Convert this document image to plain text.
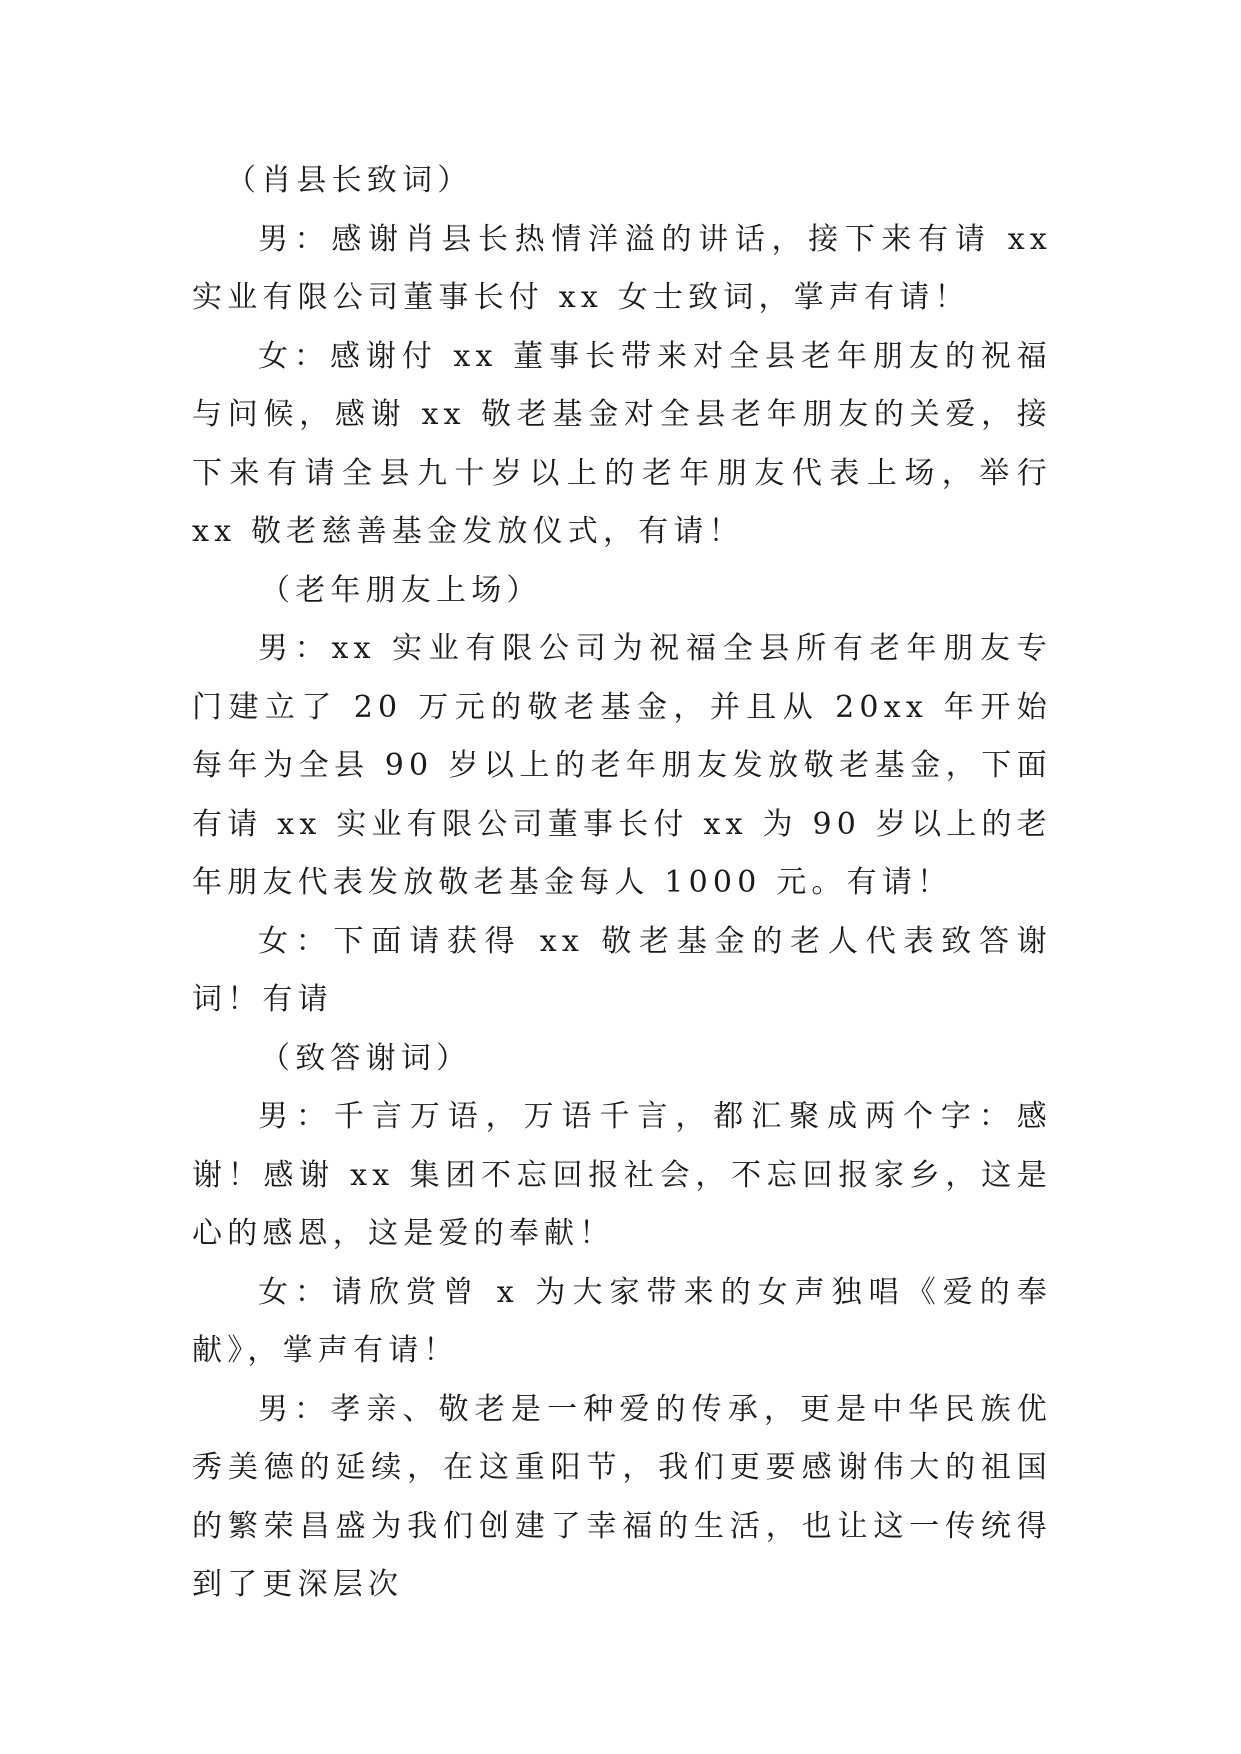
（肖县长致词）

男：感谢肖县长热情洋溢的讲话，接下来有请 xx 实业有限公司董事长付 xx 女士致词，掌声有请！

女：感谢付 xx 董事长带来对全县老年朋友的祝福与问候，感谢 xx 敬老基金对全县老年朋友的关爱，接下来有请全县九十岁以上的老年朋友代表上场，举行 xx 敬老慈善基金发放仪式，有请！

（老年朋友上场）

男：xx 实业有限公司为祝福全县所有老年朋友专门建立了 20 万元的敬老基金，并且从 20xx 年开始每年为全县 90 岁以上的老年朋友发放敬老基金，下面有请 xx 实业有限公司董事长付 xx 为 90 岁以上的老年朋友代表发放敬老基金每人 1000 元。有请！

女：下面请获得 xx 敬老基金的老人代表致答谢词！有请

（致答谢词）

男：千言万语，万语千言，都汇聚成两个字：感谢！感谢 xx 集团不忘回报社会，不忘回报家乡，这是心的感恩，这是爱的奉献！

女：请欣赏曾 x 为大家带来的女声独唱《爱的奉献》，掌声有请！

男：孝亲、敬老是一种爱的传承，更是中华民族优秀美德的延续，在这重阳节，我们更要感谢伟大的祖国的繁荣昌盛为我们创建了幸福的生活，也让这一传统得到了更深层次
